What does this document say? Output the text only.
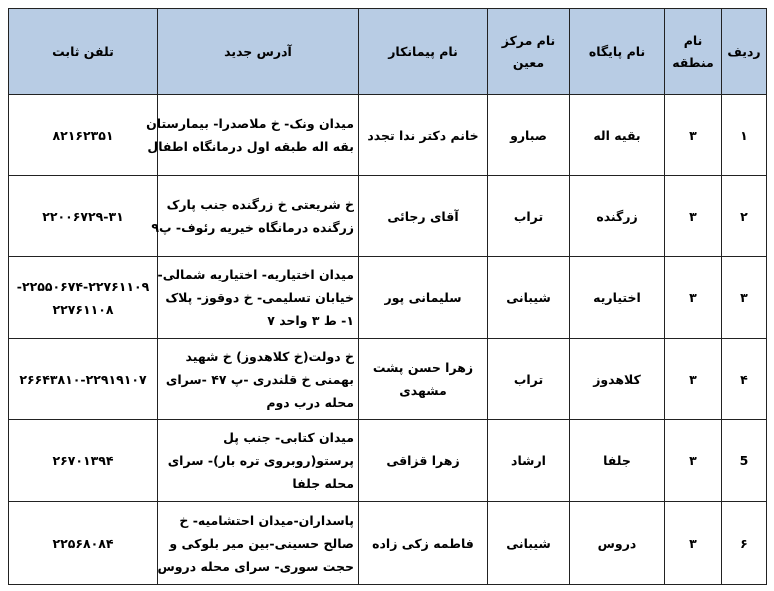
ردیف	نام منطقه	نام پایگاه	نام مرکز معین	نام پیمانکار	آدرس جدید	تلفن ثابت
۱	۳	بقیه اله	صبارو	خانم دکتر ندا تجدد	میدان ونک- خ ملاصدرا- بیمارستان
بقه اله طبقه اول درمانگاه اطفال	۸۲۱۶۲۳۵۱

۲	۳	زرگنده	تراب	آقای رجائی	خ شریعتی خ زرگنده جنب پارک
زرگنده درمانگاه خیریه رئوف- پ۹	۲۲۰۰۶۷۲۹-۳۱

۳	۳	اختیاریه	شیبانی	سلیمانی پور	میدان اختیاریه- اختیاریه شمالی-
خیابان تسلیمی- خ دوقوز- پلاک
۱- ط ۳ واحد ۷	۲۲۵۵۰۶۷۴-۲۲۷۶۱۱۰۹-
۲۲۷۶۱۱۰۸

۴	۳	کلاهدوز	تراب	زهرا حسن پشت مشهدی	خ دولت(خ کلاهدوز) خ شهید
بهمنی خ قلندری -پ ۴۷ -سرای
محله درب دوم	۲۶۶۴۳۸۱۰-۲۲۹۱۹۱۰۷

5	۳	جلفا	ارشاد	زهرا قزاقی	میدان کتابی- جنب پل
پرستو(روبروی تره بار)- سرای
محله جلفا	۲۶۷۰۱۳۹۴

۶	۳	دروس	شیبانی	فاطمه زکی زاده	پاسداران-میدان احتشامیه- خ
صالح حسینی-بین میر بلوکی و
حجت سوری- سرای محله دروس	۲۲۵۶۸۰۸۴
